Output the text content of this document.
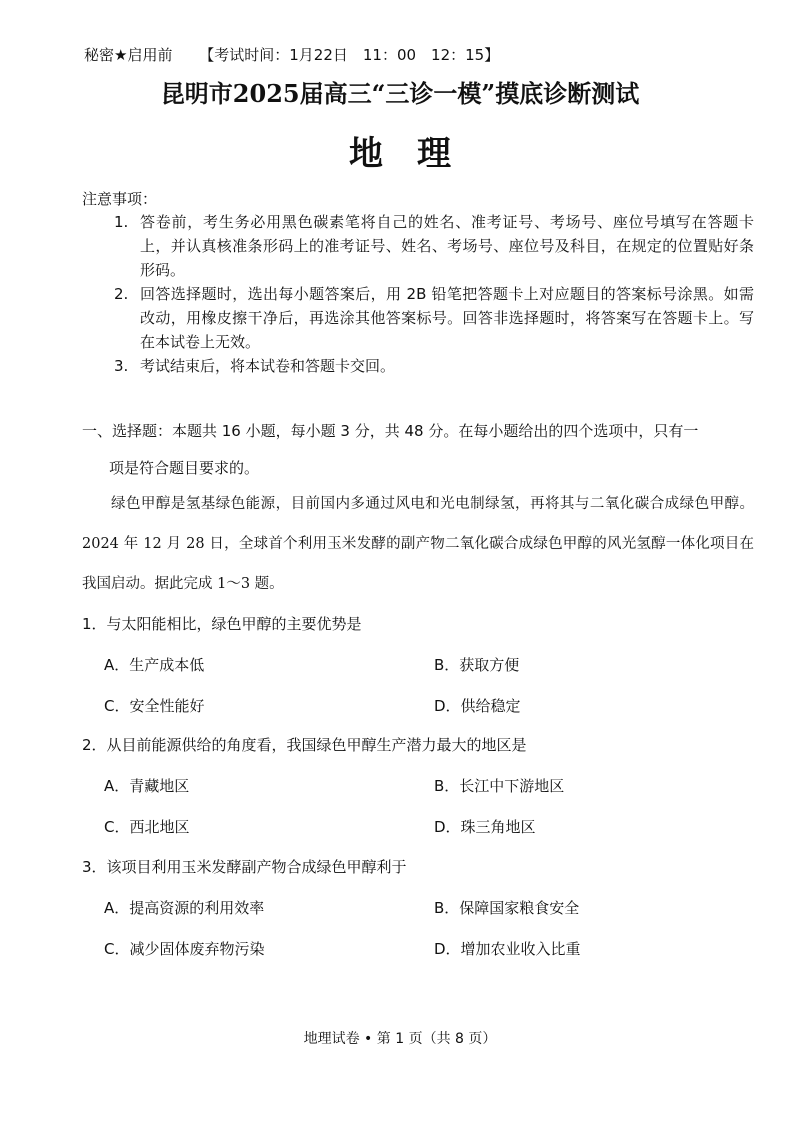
秘密★启用前 【考试时间：1月22日　11：00　12：15】
昆明市2025届高三“三诊一模”摸底诊断测试
地理
注意事项：
1. 答卷前，考生务必用黑色碳素笔将自己的姓名、准考证号、考场号、座位号填写在答题卡上，并认真核准条形码上的准考证号、姓名、考场号、座位号及科目，在规定的位置贴好条形码。
2. 回答选择题时，选出每小题答案后，用 2B 铅笔把答题卡上对应题目的答案标号涂黑。如需改动，用橡皮擦干净后，再选涂其他答案标号。回答非选择题时，将答案写在答题卡上。写在本试卷上无效。
3. 考试结束后，将本试卷和答题卡交回。
一、选择题：本题共 16 小题，每小题 3 分，共 48 分。在每小题给出的四个选项中，只有一
项是符合题目要求的。
绿色甲醇是氢基绿色能源，目前国内多通过风电和光电制绿氢，再将其与二氧化碳合成绿色甲醇。2024 年 12 月 28 日，全球首个利用玉米发酵的副产物二氧化碳合成绿色甲醇的风光氢醇一体化项目在我国启动。据此完成 1～3 题。
1．与太阳能相比，绿色甲醇的主要优势是
A．生产成本低	B．获取方便
C．安全性能好	D．供给稳定
2．从目前能源供给的角度看，我国绿色甲醇生产潜力最大的地区是
A．青藏地区	B．长江中下游地区
C．西北地区	D．珠三角地区
3．该项目利用玉米发酵副产物合成绿色甲醇利于
A．提高资源的利用效率	B．保障国家粮食安全
C．减少固体废弃物污染	D．增加农业收入比重
地理试卷 • 第 1 页（共 8 页）
